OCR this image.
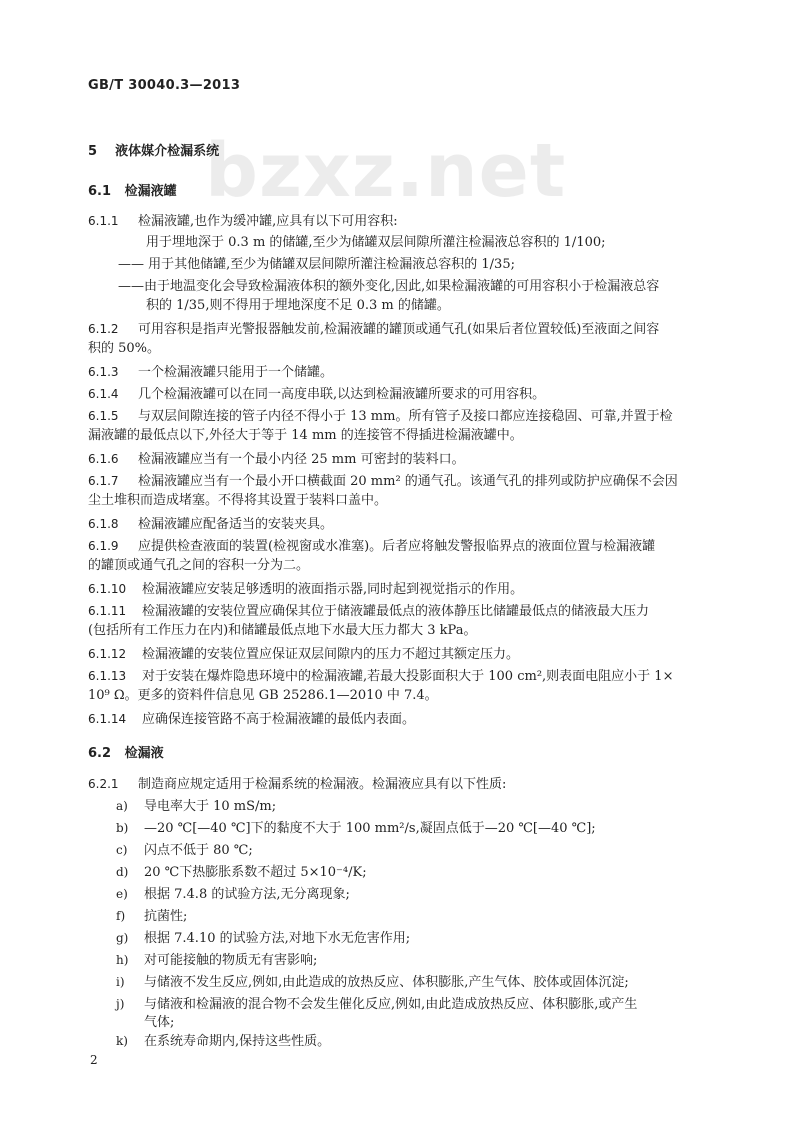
GB/T 30040.3—2013
bzxz.net
5 液体媒介检漏系统
6.1 检漏液罐
6.1.1 检漏液罐,也作为缓冲罐,应具有以下可用容积:
用于埋地深于 0.3 m 的储罐,至少为储罐双层间隙所灌注检漏液总容积的 1/100;
—— 用于其他储罐,至少为储罐双层间隙所灌注检漏液总容积的 1/35;
——由于地温变化会导致检漏液体积的额外变化,因此,如果检漏液罐的可用容积小于检漏液总容
积的 1/35,则不得用于埋地深度不足 0.3 m 的储罐。
6.1.2 可用容积是指声光警报器触发前,检漏液罐的罐顶或通气孔(如果后者位置较低)至液面之间容
积的 50%。
6.1.3 一个检漏液罐只能用于一个储罐。
6.1.4 几个检漏液罐可以在同一高度串联,以达到检漏液罐所要求的可用容积。
6.1.5 与双层间隙连接的管子内径不得小于 13 mm。所有管子及接口都应连接稳固、可靠,并置于检
漏液罐的最低点以下,外径大于等于 14 mm 的连接管不得插进检漏液罐中。
6.1.6 检漏液罐应当有一个最小内径 25 mm 可密封的装料口。
6.1.7 检漏液罐应当有一个最小开口横截面 20 mm² 的通气孔。该通气孔的排列或防护应确保不会因
尘土堆积而造成堵塞。不得将其设置于装料口盖中。
6.1.8 检漏液罐应配备适当的安装夹具。
6.1.9 应提供检查液面的装置(检视窗或水准塞)。后者应将触发警报临界点的液面位置与检漏液罐
的罐顶或通气孔之间的容积一分为二。
6.1.10 检漏液罐应安装足够透明的液面指示器,同时起到视觉指示的作用。
6.1.11 检漏液罐的安装位置应确保其位于储液罐最低点的液体静压比储罐最低点的储液最大压力
(包括所有工作压力在内)和储罐最低点地下水最大压力都大 3 kPa。
6.1.12 检漏液罐的安装位置应保证双层间隙内的压力不超过其额定压力。
6.1.13 对于安装在爆炸隐患环境中的检漏液罐,若最大投影面积大于 100 cm²,则表面电阻应小于 1×
10⁹ Ω。更多的资料件信息见 GB 25286.1—2010 中 7.4。
6.1.14 应确保连接管路不高于检漏液罐的最低内表面。
6.2 检漏液
6.2.1 制造商应规定适用于检漏系统的检漏液。检漏液应具有以下性质:
a) 导电率大于 10 mS/m;
b) —20 ℃[—40 ℃]下的黏度不大于 100 mm²/s,凝固点低于—20 ℃[—40 ℃];
c) 闪点不低于 80 ℃;
d) 20 ℃下热膨胀系数不超过 5×10⁻⁴/K;
e) 根据 7.4.8 的试验方法,无分离现象;
f) 抗菌性;
g) 根据 7.4.10 的试验方法,对地下水无危害作用;
h) 对可能接触的物质无有害影响;
i) 与储液不发生反应,例如,由此造成的放热反应、体积膨胀,产生气体、胶体或固体沉淀;
j) 与储液和检漏液的混合物不会发生催化反应,例如,由此造成放热反应、体积膨胀,或产生
气体;
k) 在系统寿命期内,保持这些性质。
2
